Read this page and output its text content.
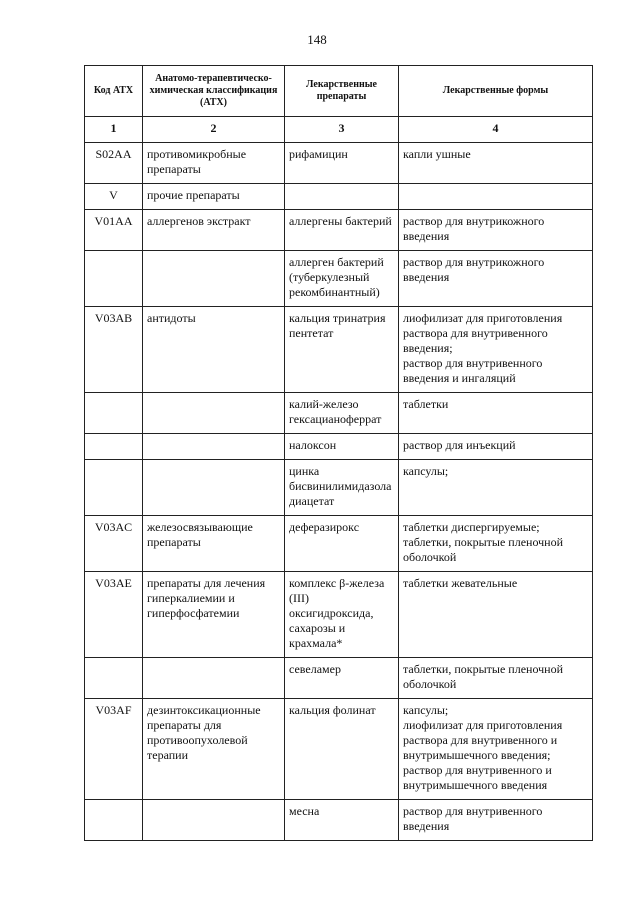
148
Код АТХ	Анатомо-терапевтическо-химическая классификация (АТХ)	Лекарственные препараты	Лекарственные формы
1	2	3	4
S02AA	противомикробные препараты	рифамицин	капли ушные

V	прочие препараты		
V01AA	аллергенов экстракт	аллергены бактерий	раствор для внутрикожного введения

		аллерген бактерий (туберкулезный рекомбинантный)	раствор для внутрикожного введения

V03AB	антидоты	кальция тринатрия пентетат	лиофилизат для приготовления раствора для внутривенного введения;
раствор для внутривенного введения и ингаляций

		калий-железо гексацианоферрат	таблетки

		налоксон	раствор для инъекций

		цинка бисвинилимидазола диацетат	капсулы;

V03AC	железосвязывающие препараты	деферазирокс	таблетки диспергируемые;
таблетки, покрытые пленочной оболочкой

V03AE	препараты для лечения гиперкалиемии и гиперфосфатемии	комплекс β-железа (III) оксигидроксида, сахарозы и крахмала*	таблетки жевательные

		севеламер	таблетки, покрытые пленочной оболочкой

V03AF	дезинтоксикационные препараты для противоопухолевой терапии	кальция фолинат	капсулы;
лиофилизат для приготовления раствора для внутривенного и внутримышечного введения;
раствор для внутривенного и внутримышечного введения

		месна	раствор для внутривенного введения
